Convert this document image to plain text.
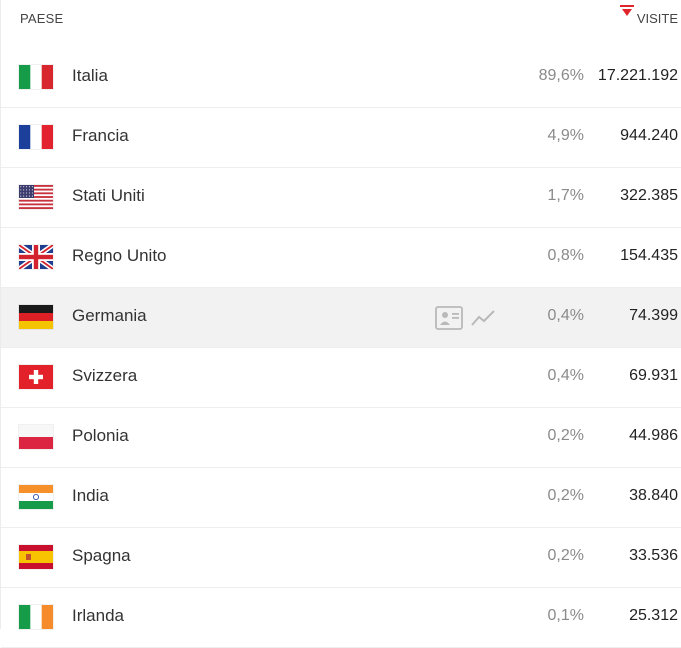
PAESE	VISITE
Italia	89,6% 17.221.192
Francia	4,9% 944.240
Stati Uniti	1,7% 322.385
Regno Unito	0,8% 154.435
Germania	0,4%	74.399
Svizzera	0,4%	69.931
Polonia	0,2%	44.986
India	0,2%	38.840
Spagna	0,2%	33.536
Irlanda	0,1%	25.312
